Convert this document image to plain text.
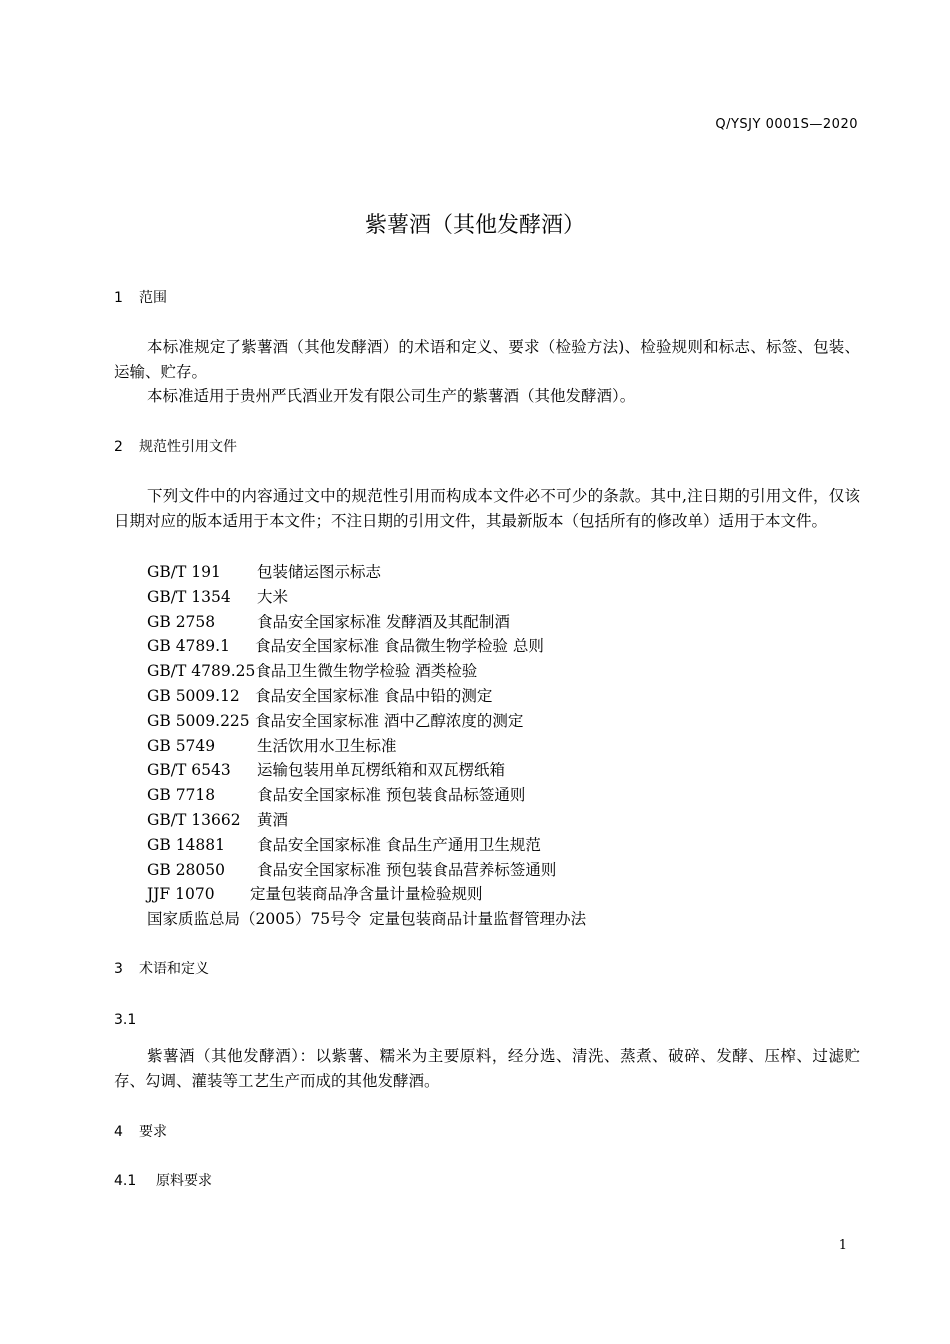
Q/YSJY 0001S—2020
紫薯酒（其他发酵酒）
1 范围
本标准规定了紫薯酒（其他发酵酒）的术语和定义、要求（检验方法)、检验规则和标志、标签、包装、运输、贮存。
本标准适用于贵州严氏酒业开发有限公司生产的紫薯酒（其他发酵酒）。
2 规范性引用文件
下列文件中的内容通过文中的规范性引用而构成本文件必不可少的条款。其中,注日期的引用文件，仅该日期对应的版本适用于本文件；不注日期的引用文件，其最新版本（包括所有的修改单）适用于本文件。
GB/T 191 包装储运图示标志
GB/T 1354 大米
GB 2758	食品安全国家标准 发酵酒及其配制酒
GB 4789.1 食品安全国家标准 食品微生物学检验 总则
GB/T 4789.25食品卫生微生物学检验 酒类检验
GB 5009.12 食品安全国家标准 食品中铅的测定
GB 5009.225 食品安全国家标准 酒中乙醇浓度的测定
GB 5749	生活饮用水卫生标准
GB/T 6543 运输包装用单瓦楞纸箱和双瓦楞纸箱
GB 7718	食品安全国家标准 预包装食品标签通则
GB/T 13662 黄酒
GB 14881 食品安全国家标准 食品生产通用卫生规范
GB 28050 食品安全国家标准 预包装食品营养标签通则
JJF 1070 定量包装商品净含量计量检验规则
国家质监总局（2005）75号令 定量包装商品计量监督管理办法
3 术语和定义
3.1
紫薯酒（其他发酵酒）：以紫薯、糯米为主要原料，经分选、清洗、蒸煮、破碎、发酵、压榨、过滤贮存、勾调、灌装等工艺生产而成的其他发酵酒。
4 要求
4.1 原料要求
1
